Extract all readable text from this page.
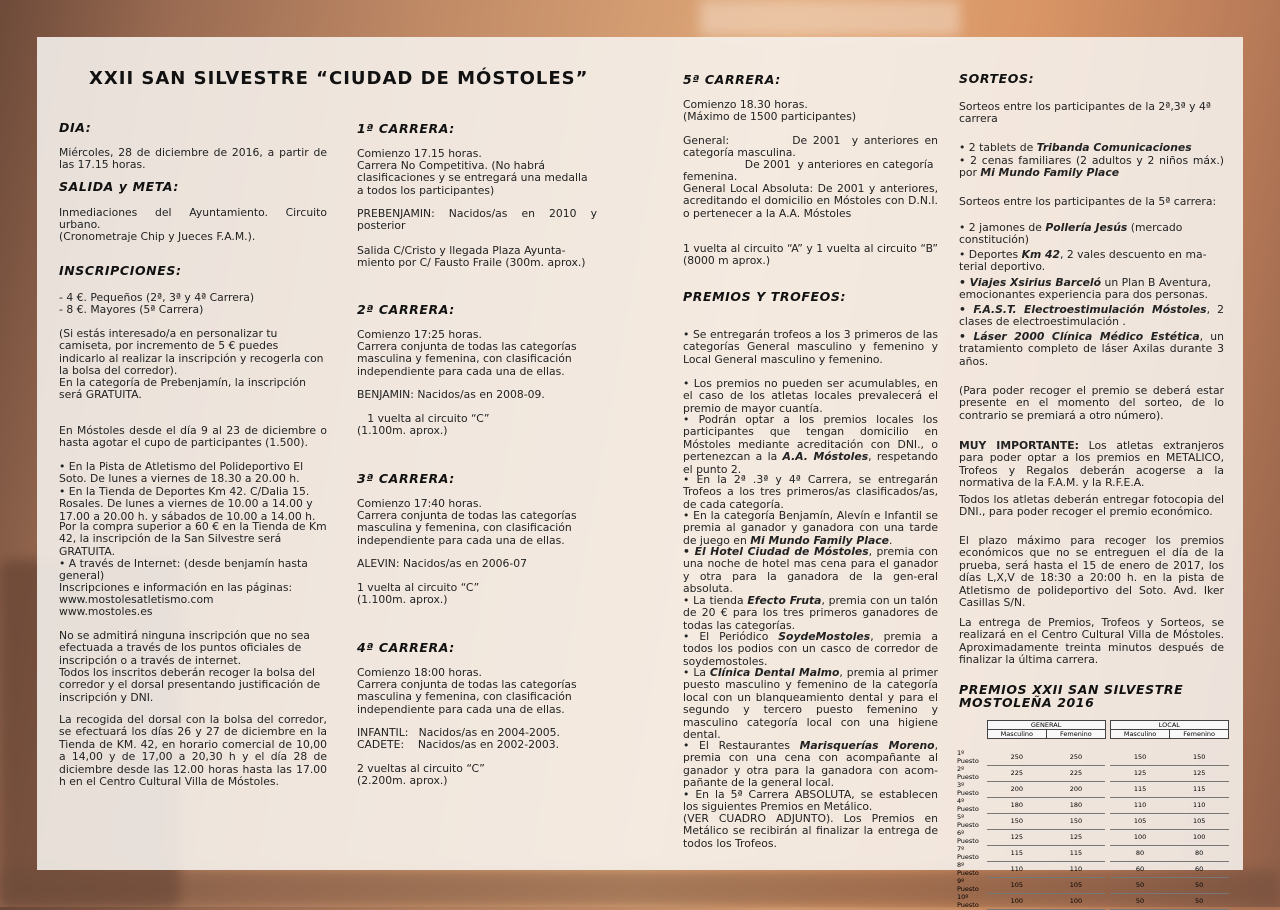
XXII SAN SILVESTRE “CIUDAD DE MÓSTOLES”

DIA:

Miércoles, 28 de diciembre de 2016, a partir de las 17.15 horas.

SALIDA y META:

Inmediaciones del Ayuntamiento. Circuito urbano.

(Cronometraje Chip y Jueces F.A.M.).

INSCRIPCIONES:

- 4 €. Pequeños (2ª, 3ª y 4ª Carrera)

- 8 €. Mayores (5ª Carrera)

(Si estás interesado/a en personalizar tu camiseta, por incremento de 5 € puedes indicarlo al realizar la inscripción y recogerla con la bolsa del corredor).

En la categoría de Prebenjamín, la inscripción será GRATUITA.

En Móstoles desde el día 9 al 23 de diciembre o hasta agotar el cupo de participantes (1.500).

• En la Pista de Atletismo del Polideportivo El Soto. De lunes a viernes de 18.30 a 20.00 h.

• En la Tienda de Deportes Km 42. C/Dalia 15. Rosales. De lunes a viernes de 10.00 a 14.00 y 17.00 a 20.00 h. y sábados de 10.00 a 14.00 h.

Por la compra superior a 60 € en la Tienda de Km 42, la inscripción de la San Silvestre será GRATUITA.

• A través de Internet: (desde benjamín hasta general)

Inscripciones e información en las páginas:

www.mostolesatletismo.com

www.mostoles.es

No se admitirá ninguna inscripción que no sea efectuada a través de los puntos oficiales de inscripción o a través de internet.

Todos los inscritos deberán recoger la bolsa del corredor y el dorsal presentando justificación de inscripción y DNI.

La recogida del dorsal con la bolsa del corredor, se efectuará los días 26 y 27 de diciembre en la Tienda de KM. 42, en horario comercial de 10,00 a 14,00 y de 17,00 a 20,30 h y el día 28 de diciembre desde las 12.00 horas hasta las 17.00 h en el Centro Cultural Villa de Móstoles.

1ª CARRERA:

Comienzo 17.15 horas.

Carrera No Competitiva. (No habrá clasificaciones y se entregará una medalla a todos los participantes)

PREBENJAMIN: Nacidos/as en 2010 y posterior

Salida C/Cristo y llegada Plaza Ayunta-miento por C/ Fausto Fraile (300m. aprox.)

2ª CARRERA:

Comienzo 17:25 horas.

Carrera conjunta de todas las categorías masculina y femenina, con clasificación independiente para cada una de ellas.

BENJAMIN: Nacidos/as en 2008-09.

1 vuelta al circuito “C”

(1.100m. aprox.)

3ª CARRERA:

Comienzo 17:40 horas.

Carrera conjunta de todas las categorías masculina y femenina, con clasificación independiente para cada una de ellas.

ALEVIN: Nacidos/as en 2006-07

1 vuelta al circuito “C”

(1.100m. aprox.)

4ª CARRERA:

Comienzo 18:00 horas.

Carrera conjunta de todas las categorías masculina y femenina, con clasificación independiente para cada una de ellas.

INFANTIL:   Nacidos/as en 2004-2005.

CADETE:    Nacidos/as en 2002-2003.

2 vueltas al circuito “C”

(2.200m. aprox.)

5ª CARRERA:

Comienzo 18.30 horas.

(Máximo de 1500 participantes)

General:           De 2001  y anteriores en categoría masculina.

De 2001  y anteriores en categoría femenina.

General Local Absoluta: De 2001 y anteriores, acreditando el domicilio en Móstoles con D.N.I. o pertenecer a la A.A. Móstoles

1 vuelta al circuito “A” y 1 vuelta al circuito “B”            (8000 m aprox.)

PREMIOS Y TROFEOS:

• Se entregarán trofeos a los 3 primeros de las categorías General masculino y femenino y Local General masculino y femenino.

• Los premios no pueden ser acumulables, en el caso de los atletas locales prevalecerá el premio de mayor cuantía.

• Podrán optar a los premios locales los participantes que tengan domicilio en Móstoles mediante acreditación con DNI., o pertenezcan a la A.A. Móstoles, respetando el punto 2.

• En la 2ª .3ª y 4ª Carrera, se entregarán Trofeos a los tres primeros/as clasificados/as, de cada categoría.

• En la categoría Benjamín, Alevín e Infantil se premia al ganador y ganadora con una tarde de juego en Mi Mundo Family Place.

• El Hotel Ciudad de Móstoles, premia con una noche de hotel mas cena para el ganador y otra para la ganadora de la gen-eral absoluta.

• La tienda Efecto Fruta, premia con un talón de 20 € para los tres primeros ganadores de todas las categorías.

• El Periódico SoydeMostoles, premia a todos los podios con un casco de corredor de soydemostoles.

• La Clínica Dental Malmo, premia al primer puesto masculino y femenino de la categoría local con un blanqueamiento dental y para el segundo y tercero puesto femenino y masculino categoría local con una higiene dental.

• El Restaurantes Marisquerías Moreno, premia con una cena con acompañante al ganador y otra para la ganadora con acom-pañante de la general local.

• En la 5ª Carrera ABSOLUTA, se establecen los siguientes Premios en Metálico.

(VER CUADRO ADJUNTO). Los Premios en Metálico se recibirán al finalizar la entrega de todos los Trofeos.

SORTEOS:

Sorteos entre los participantes de la 2ª,3ª y 4ª carrera

• 2 tablets de Tribanda Comunicaciones

• 2 cenas familiares (2 adultos y 2 niños máx.) por Mi Mundo Family Place

Sorteos entre los participantes de la 5ª carrera:

• 2 jamones de Pollería Jesús (mercado constitución)

• Deportes Km 42, 2 vales descuento en ma-terial deportivo.

• Viajes Xsirius Barceló un Plan B Aventura, emocionantes experiencia para dos personas.

• F.A.S.T. Electroestimulación Móstoles, 2 clases de electroestimulación .

• Láser 2000 Clínica Médico Estética, un tratamiento completo de láser Axilas durante 3 años.

(Para poder recoger el premio se deberá estar presente en el momento del sorteo, de lo contrario se premiará a otro número).

MUY IMPORTANTE: Los atletas extranjeros para poder optar a los premios en METALICO, Trofeos y Regalos deberán acogerse a la normativa de la F.A.M. y la R.F.E.A.

Todos los atletas deberán entregar fotocopia del DNI., para poder recoger el premio económico.

El plazo máximo para recoger los premios económicos que no se entreguen el día de la prueba, será hasta el 15 de enero de 2017, los días L,X,V de 18:30 a 20:00 h. en la pista de Atletismo de polideportivo del Soto. Avd. Iker Casillas S/N.

La entrega de Premios, Trofeos y Sorteos, se realizará en el Centro Cultural Villa de Móstoles. Aproximadamente treinta minutos después de finalizar la última carrera.

PREMIOS XXII SAN SILVESTRE
MOSTOLEÑA 2016

	GENERAL			LOCAL	
	Masculino	Femenino		Masculino	Femenino

1º Puesto	250	250		150	150
2º Puesto	225	225		125	125
3º Puesto	200	200		115	115
4º Puesto	180	180		110	110
5º Puesto	150	150		105	105
6º Puesto	125	125		100	100
7º Puesto	115	115		80	80
8º Puesto	110	110		60	60
9º Puesto	105	105		50	50
10º Puesto	100	100		50	50
